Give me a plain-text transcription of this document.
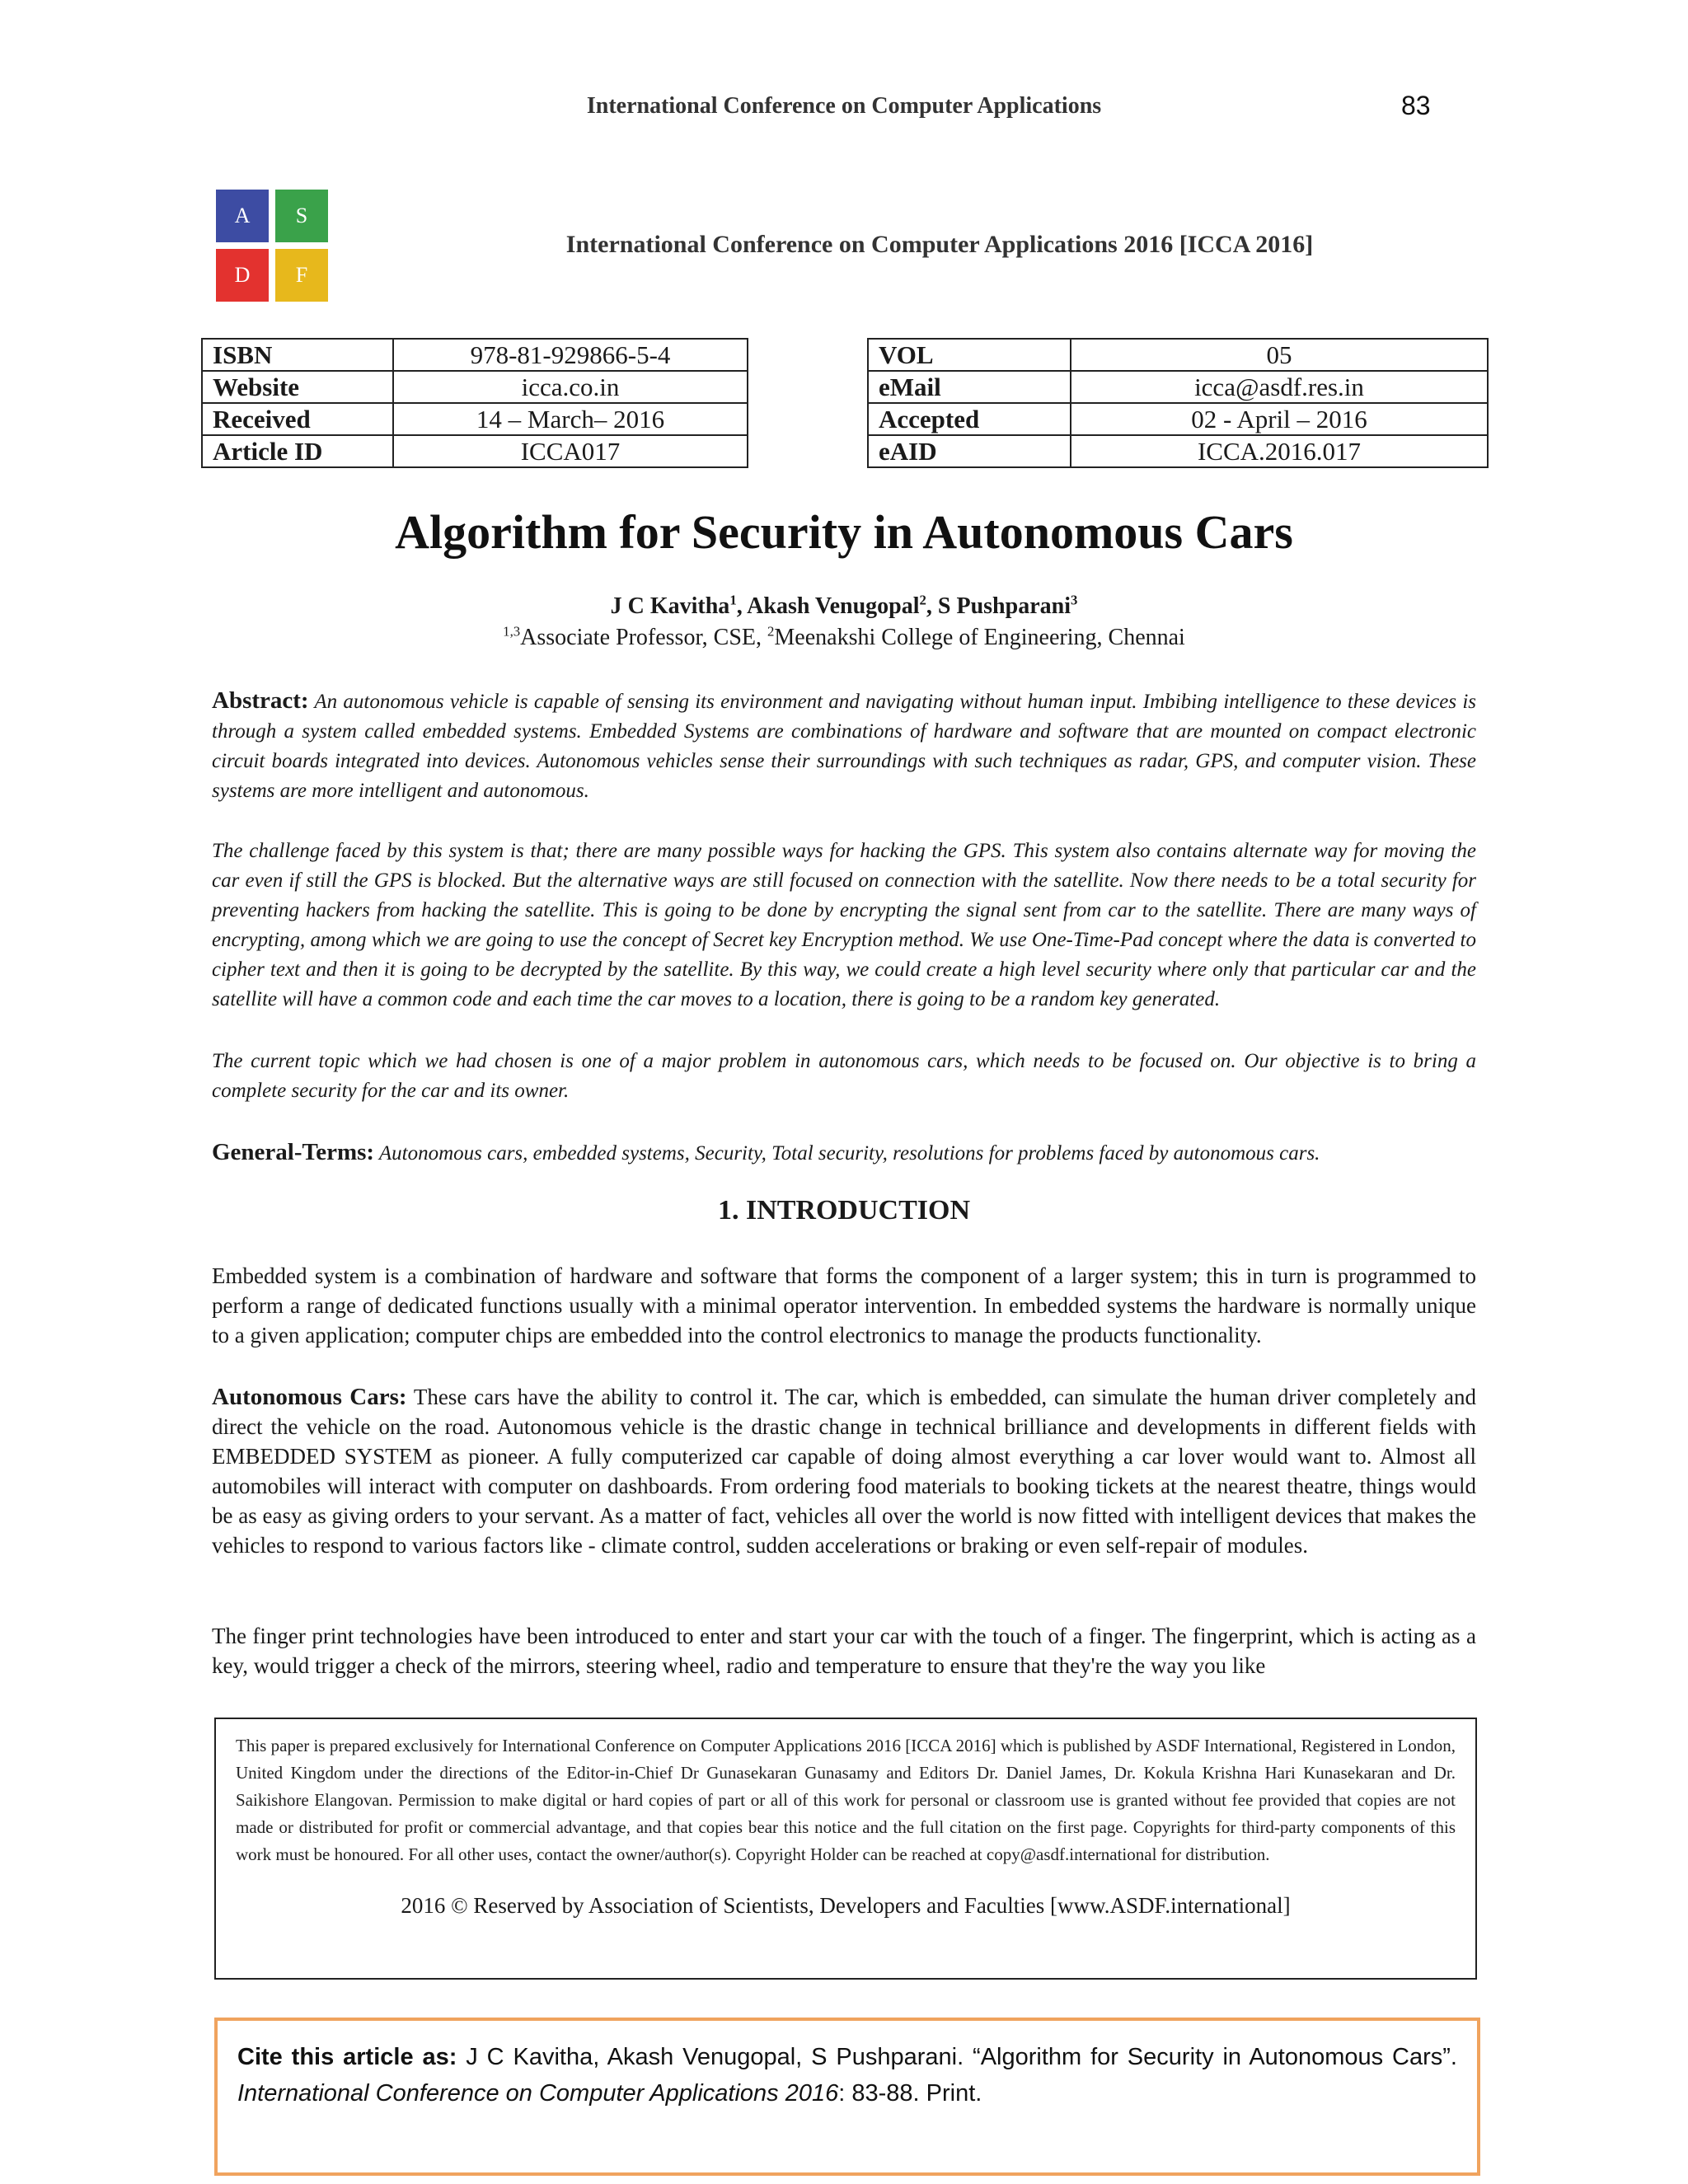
International Conference on Computer Applications	83
A	S
D	F
International Conference on Computer Applications 2016 [ICCA 2016]
ISBN	978-81-929866-5-4
Website	icca.co.in
Received	14 – March– 2016
Article ID	ICCA017
VOL	05
eMail	icca@asdf.res.in
Accepted	02 - April – 2016
eAID	ICCA.2016.017
Algorithm for Security in Autonomous Cars
J C Kavitha$^1$, Akash Venugopal$^2$, S Pushparani$^3$
$^{1,3}$Associate Professor, CSE, $^2$Meenakshi College of Engineering, Chennai
Abstract: An autonomous vehicle is capable of sensing its environment and navigating without human input. Imbibing intelligence to these devices is through a system called embedded systems. Embedded Systems are combinations of hardware and software that are mounted on compact electronic circuit boards integrated into devices. Autonomous vehicles sense their surroundings with such techniques as radar, GPS, and computer vision. These systems are more intelligent and autonomous.
The challenge faced by this system is that; there are many possible ways for hacking the GPS. This system also contains alternate way for moving the car even if still the GPS is blocked. But the alternative ways are still focused on connection with the satellite. Now there needs to be a total security for preventing hackers from hacking the satellite. This is going to be done by encrypting the signal sent from car to the satellite. There are many ways of encrypting, among which we are going to use the concept of Secret key Encryption method. We use One-Time-Pad concept where the data is converted to cipher text and then it is going to be decrypted by the satellite. By this way, we could create a high level security where only that particular car and the satellite will have a common code and each time the car moves to a location, there is going to be a random key generated.
The current topic which we had chosen is one of a major problem in autonomous cars, which needs to be focused on. Our objective is to bring a complete security for the car and its owner.
General-Terms: Autonomous cars, embedded systems, Security, Total security, resolutions for problems faced by autonomous cars.
1. INTRODUCTION
Embedded system is a combination of hardware and software that forms the component of a larger system; this in turn is programmed to perform a range of dedicated functions usually with a minimal operator intervention. In embedded systems the hardware is normally unique to a given application; computer chips are embedded into the control electronics to manage the products functionality.
Autonomous Cars: These cars have the ability to control it. The car, which is embedded, can simulate the human driver completely and direct the vehicle on the road. Autonomous vehicle is the drastic change in technical brilliance and developments in different fields with EMBEDDED SYSTEM as pioneer. A fully computerized car capable of doing almost everything a car lover would want to. Almost all automobiles will interact with computer on dashboards. From ordering food materials to booking tickets at the nearest theatre, things would be as easy as giving orders to your servant. As a matter of fact, vehicles all over the world is now fitted with intelligent devices that makes the vehicles to respond to various factors like - climate control, sudden accelerations or braking or even self-repair of modules.
The finger print technologies have been introduced to enter and start your car with the touch of a finger. The fingerprint, which is acting as a key, would trigger a check of the mirrors, steering wheel, radio and temperature to ensure that they're the way you like
This paper is prepared exclusively for International Conference on Computer Applications 2016 [ICCA 2016] which is published by ASDF International, Registered in London, United Kingdom under the directions of the Editor-in-Chief Dr Gunasekaran Gunasamy and Editors Dr. Daniel James, Dr. Kokula Krishna Hari Kunasekaran and Dr. Saikishore Elangovan. Permission to make digital or hard copies of part or all of this work for personal or classroom use is granted without fee provided that copies are not made or distributed for profit or commercial advantage, and that copies bear this notice and the full citation on the first page. Copyrights for third-party components of this work must be honoured. For all other uses, contact the owner/author(s). Copyright Holder can be reached at copy@asdf.international for distribution.
2016 © Reserved by Association of Scientists, Developers and Faculties [www.ASDF.international]
Cite this article as: J C Kavitha, Akash Venugopal, S Pushparani. “Algorithm for Security in Autonomous Cars”.
International Conference on Computer Applications 2016: 83-88. Print.
